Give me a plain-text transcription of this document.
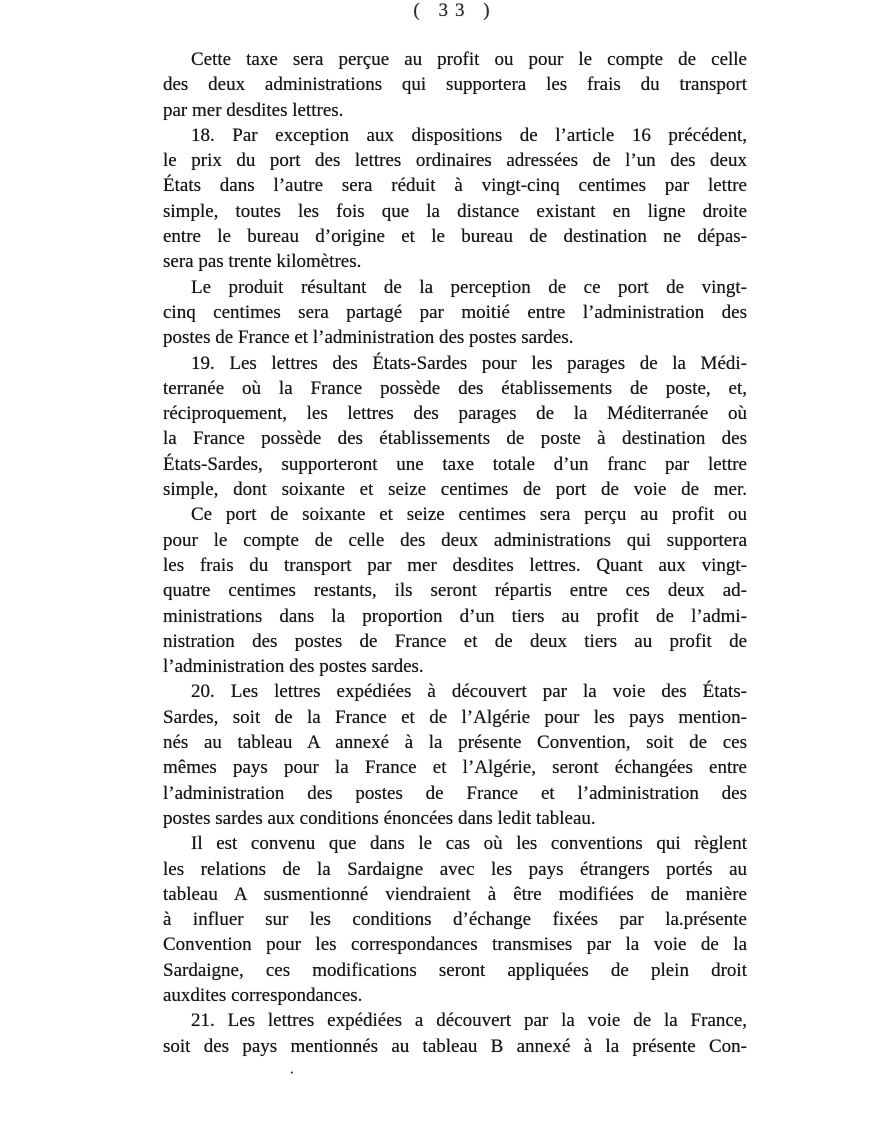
( 33 )
Cette taxe sera perçue au profit ou pour le compte de celle
des deux administrations qui supportera les frais du transport
par mer desdites lettres.
18. Par exception aux dispositions de l’article 16 précédent,
le prix du port des lettres ordinaires adressées de l’un des deux
États dans l’autre sera réduit à vingt-cinq centimes par lettre
simple, toutes les fois que la distance existant en ligne droite
entre le bureau d’origine et le bureau de destination ne dépas-
sera pas trente kilomètres.
Le produit résultant de la perception de ce port de vingt-
cinq centimes sera partagé par moitié entre l’administration des
postes de France et l’administration des postes sardes.
19. Les lettres des États-Sardes pour les parages de la Médi-
terranée où la France possède des établissements de poste, et,
réciproquement, les lettres des parages de la Méditerranée où
la France possède des établissements de poste à destination des
États-Sardes, supporteront une taxe totale d’un franc par lettre
simple, dont soixante et seize centimes de port de voie de mer.
Ce port de soixante et seize centimes sera perçu au profit ou
pour le compte de celle des deux administrations qui supportera
les frais du transport par mer desdites lettres. Quant aux vingt-
quatre centimes restants, ils seront répartis entre ces deux ad-
ministrations dans la proportion d’un tiers au profit de l’admi-
nistration des postes de France et de deux tiers au profit de
l’administration des postes sardes.
20. Les lettres expédiées à découvert par la voie des États-
Sardes, soit de la France et de l’Algérie pour les pays mention-
nés au tableau A annexé à la présente Convention, soit de ces
mêmes pays pour la France et l’Algérie, seront échangées entre
l’administration des postes de France et l’administration des
postes sardes aux conditions énoncées dans ledit tableau.
Il est convenu que dans le cas où les conventions qui règlent
les relations de la Sardaigne avec les pays étrangers portés au
tableau A susmentionné viendraient à être modifiées de manière
à influer sur les conditions d’échange fixées par la.présente
Convention pour les correspondances transmises par la voie de la
Sardaigne, ces modifications seront appliquées de plein droit
auxdites correspondances.
21. Les lettres expédiées a découvert par la voie de la France,
soit des pays mentionnés au tableau B annexé à la présente Con-
·
